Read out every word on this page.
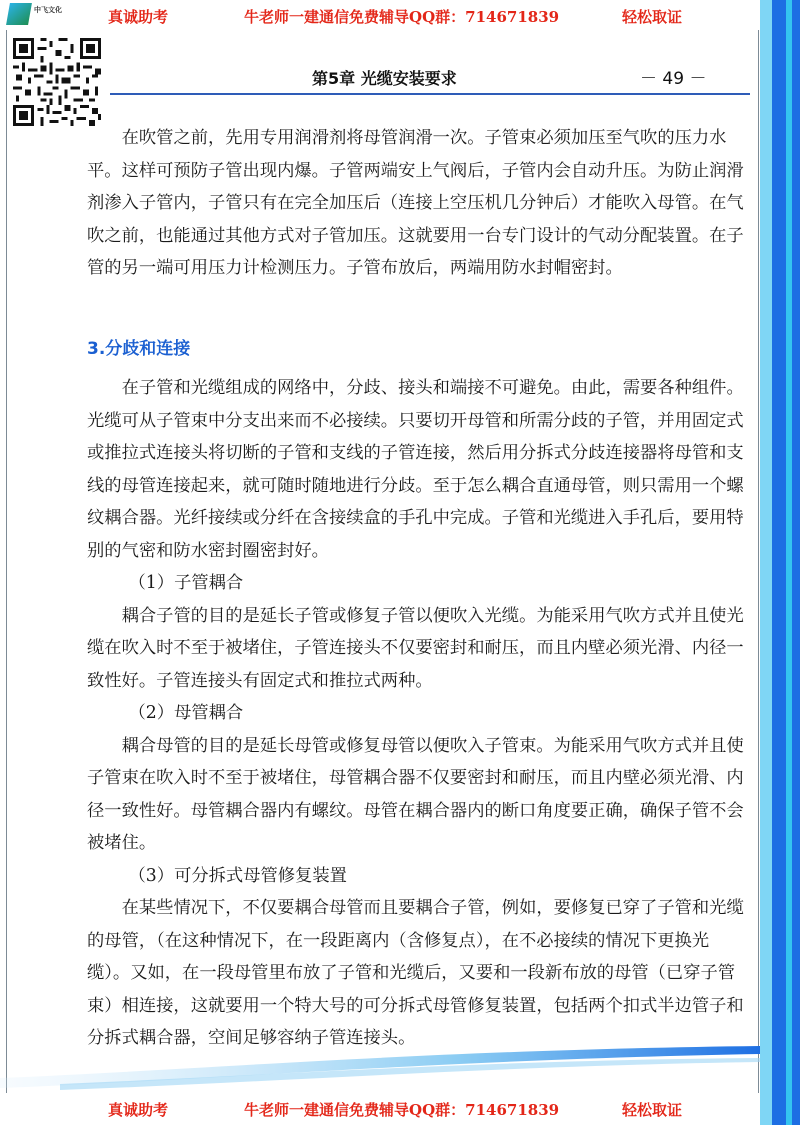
中飞文化	真诚助考	牛老师一建通信免费辅导QQ群：714671839	轻松取证
第5章 光缆安装要求	－ 49 －

在吹管之前，先用专用润滑剂将母管润滑一次。子管束必须加压至气吹的压力水平。这样可预防子管出现内爆。子管两端安上气阀后，子管内会自动升压。为防止润滑剂渗入子管内，子管只有在完全加压后（连接上空压机几分钟后）才能吹入母管。在气吹之前，也能通过其他方式对子管加压。这就要用一台专门设计的气动分配装置。在子管的另一端可用压力计检测压力。子管布放后，两端用防水封帽密封。

3.分歧和连接

在子管和光缆组成的网络中，分歧、接头和端接不可避免。由此，需要各种组件。光缆可从子管束中分支出来而不必接续。只要切开母管和所需分歧的子管，并用固定式或推拉式连接头将切断的子管和支线的子管连接，然后用分拆式分歧连接器将母管和支线的母管连接起来，就可随时随地进行分歧。至于怎么耦合直通母管，则只需用一个螺纹耦合器。光纤接续或分纤在含接续盒的手孔中完成。子管和光缆进入手孔后，要用特别的气密和防水密封圈密封好。

（1）子管耦合

耦合子管的目的是延长子管或修复子管以便吹入光缆。为能采用气吹方式并且使光缆在吹入时不至于被堵住，子管连接头不仅要密封和耐压，而且内壁必须光滑、内径一致性好。子管连接头有固定式和推拉式两种。

（2）母管耦合

耦合母管的目的是延长母管或修复母管以便吹入子管束。为能采用气吹方式并且使子管束在吹入时不至于被堵住，母管耦合器不仅要密封和耐压，而且内壁必须光滑、内径一致性好。母管耦合器内有螺纹。母管在耦合器内的断口角度要正确，确保子管不会被堵住。

（3）可分拆式母管修复装置

在某些情况下，不仅要耦合母管而且要耦合子管，例如，要修复已穿了子管和光缆的母管，（在这种情况下，在一段距离内（含修复点），在不必接续的情况下更换光缆）。又如，在一段母管里布放了子管和光缆后，又要和一段新布放的母管（已穿子管束）相连接，这就要用一个特大号的可分拆式母管修复装置，包括两个扣式半边管子和分拆式耦合器，空间足够容纳子管连接头。

真诚助考	牛老师一建通信免费辅导QQ群：714671839	轻松取证
